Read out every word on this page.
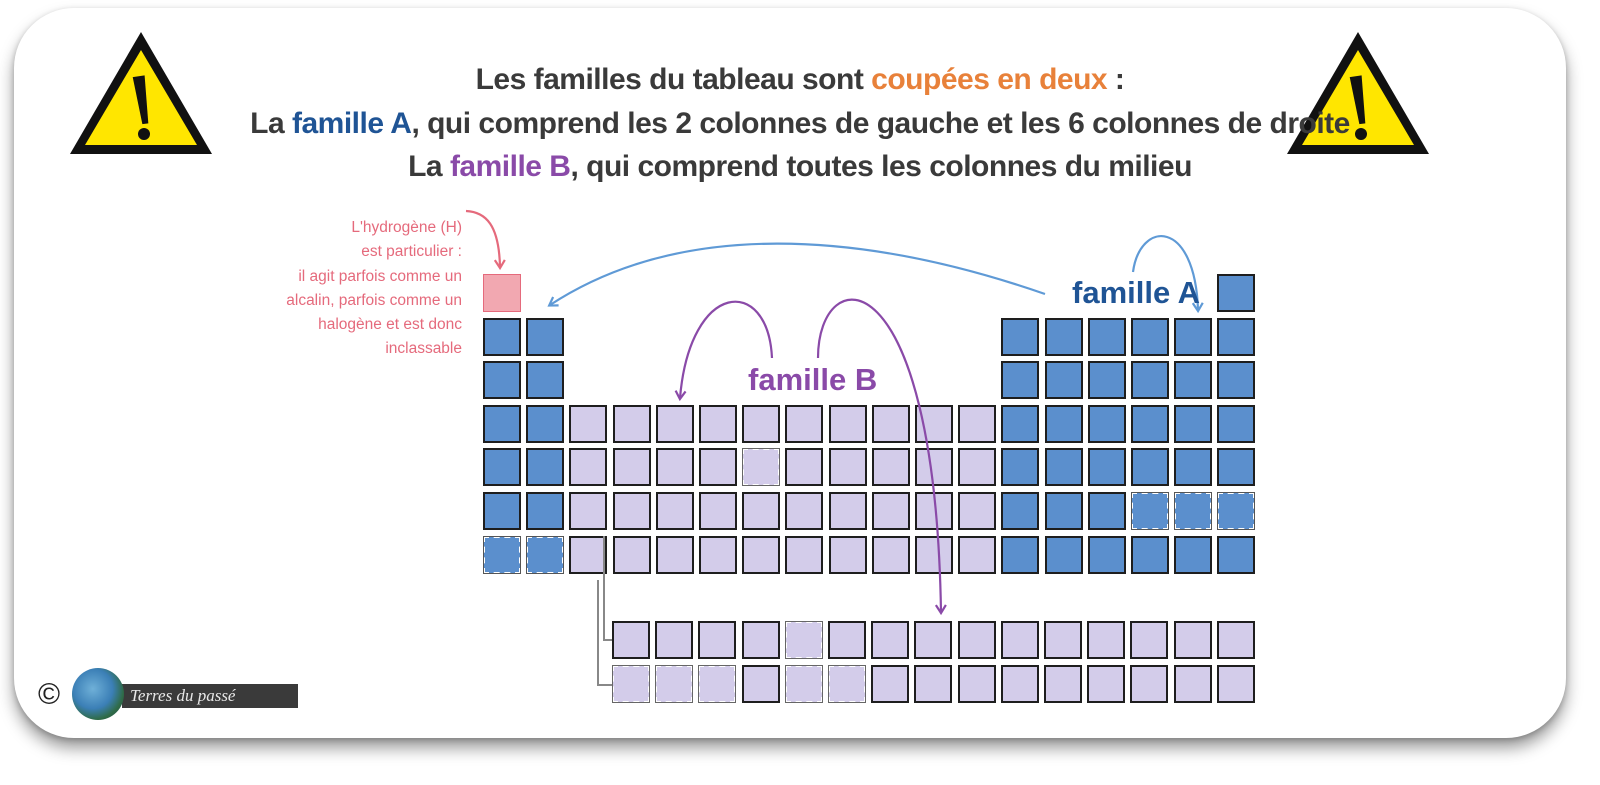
Les familles du tableau sont coupées en deux :
La famille A, qui comprend les 2 colonnes de gauche et les 6 colonnes de droite
La famille B, qui comprend toutes les colonnes du milieu
L'hydrogène (H)
est particulier :
il agit parfois comme un
alcalin, parfois comme un
halogène et est donc
inclassable
famille A
famille B
©	Terres du passé
